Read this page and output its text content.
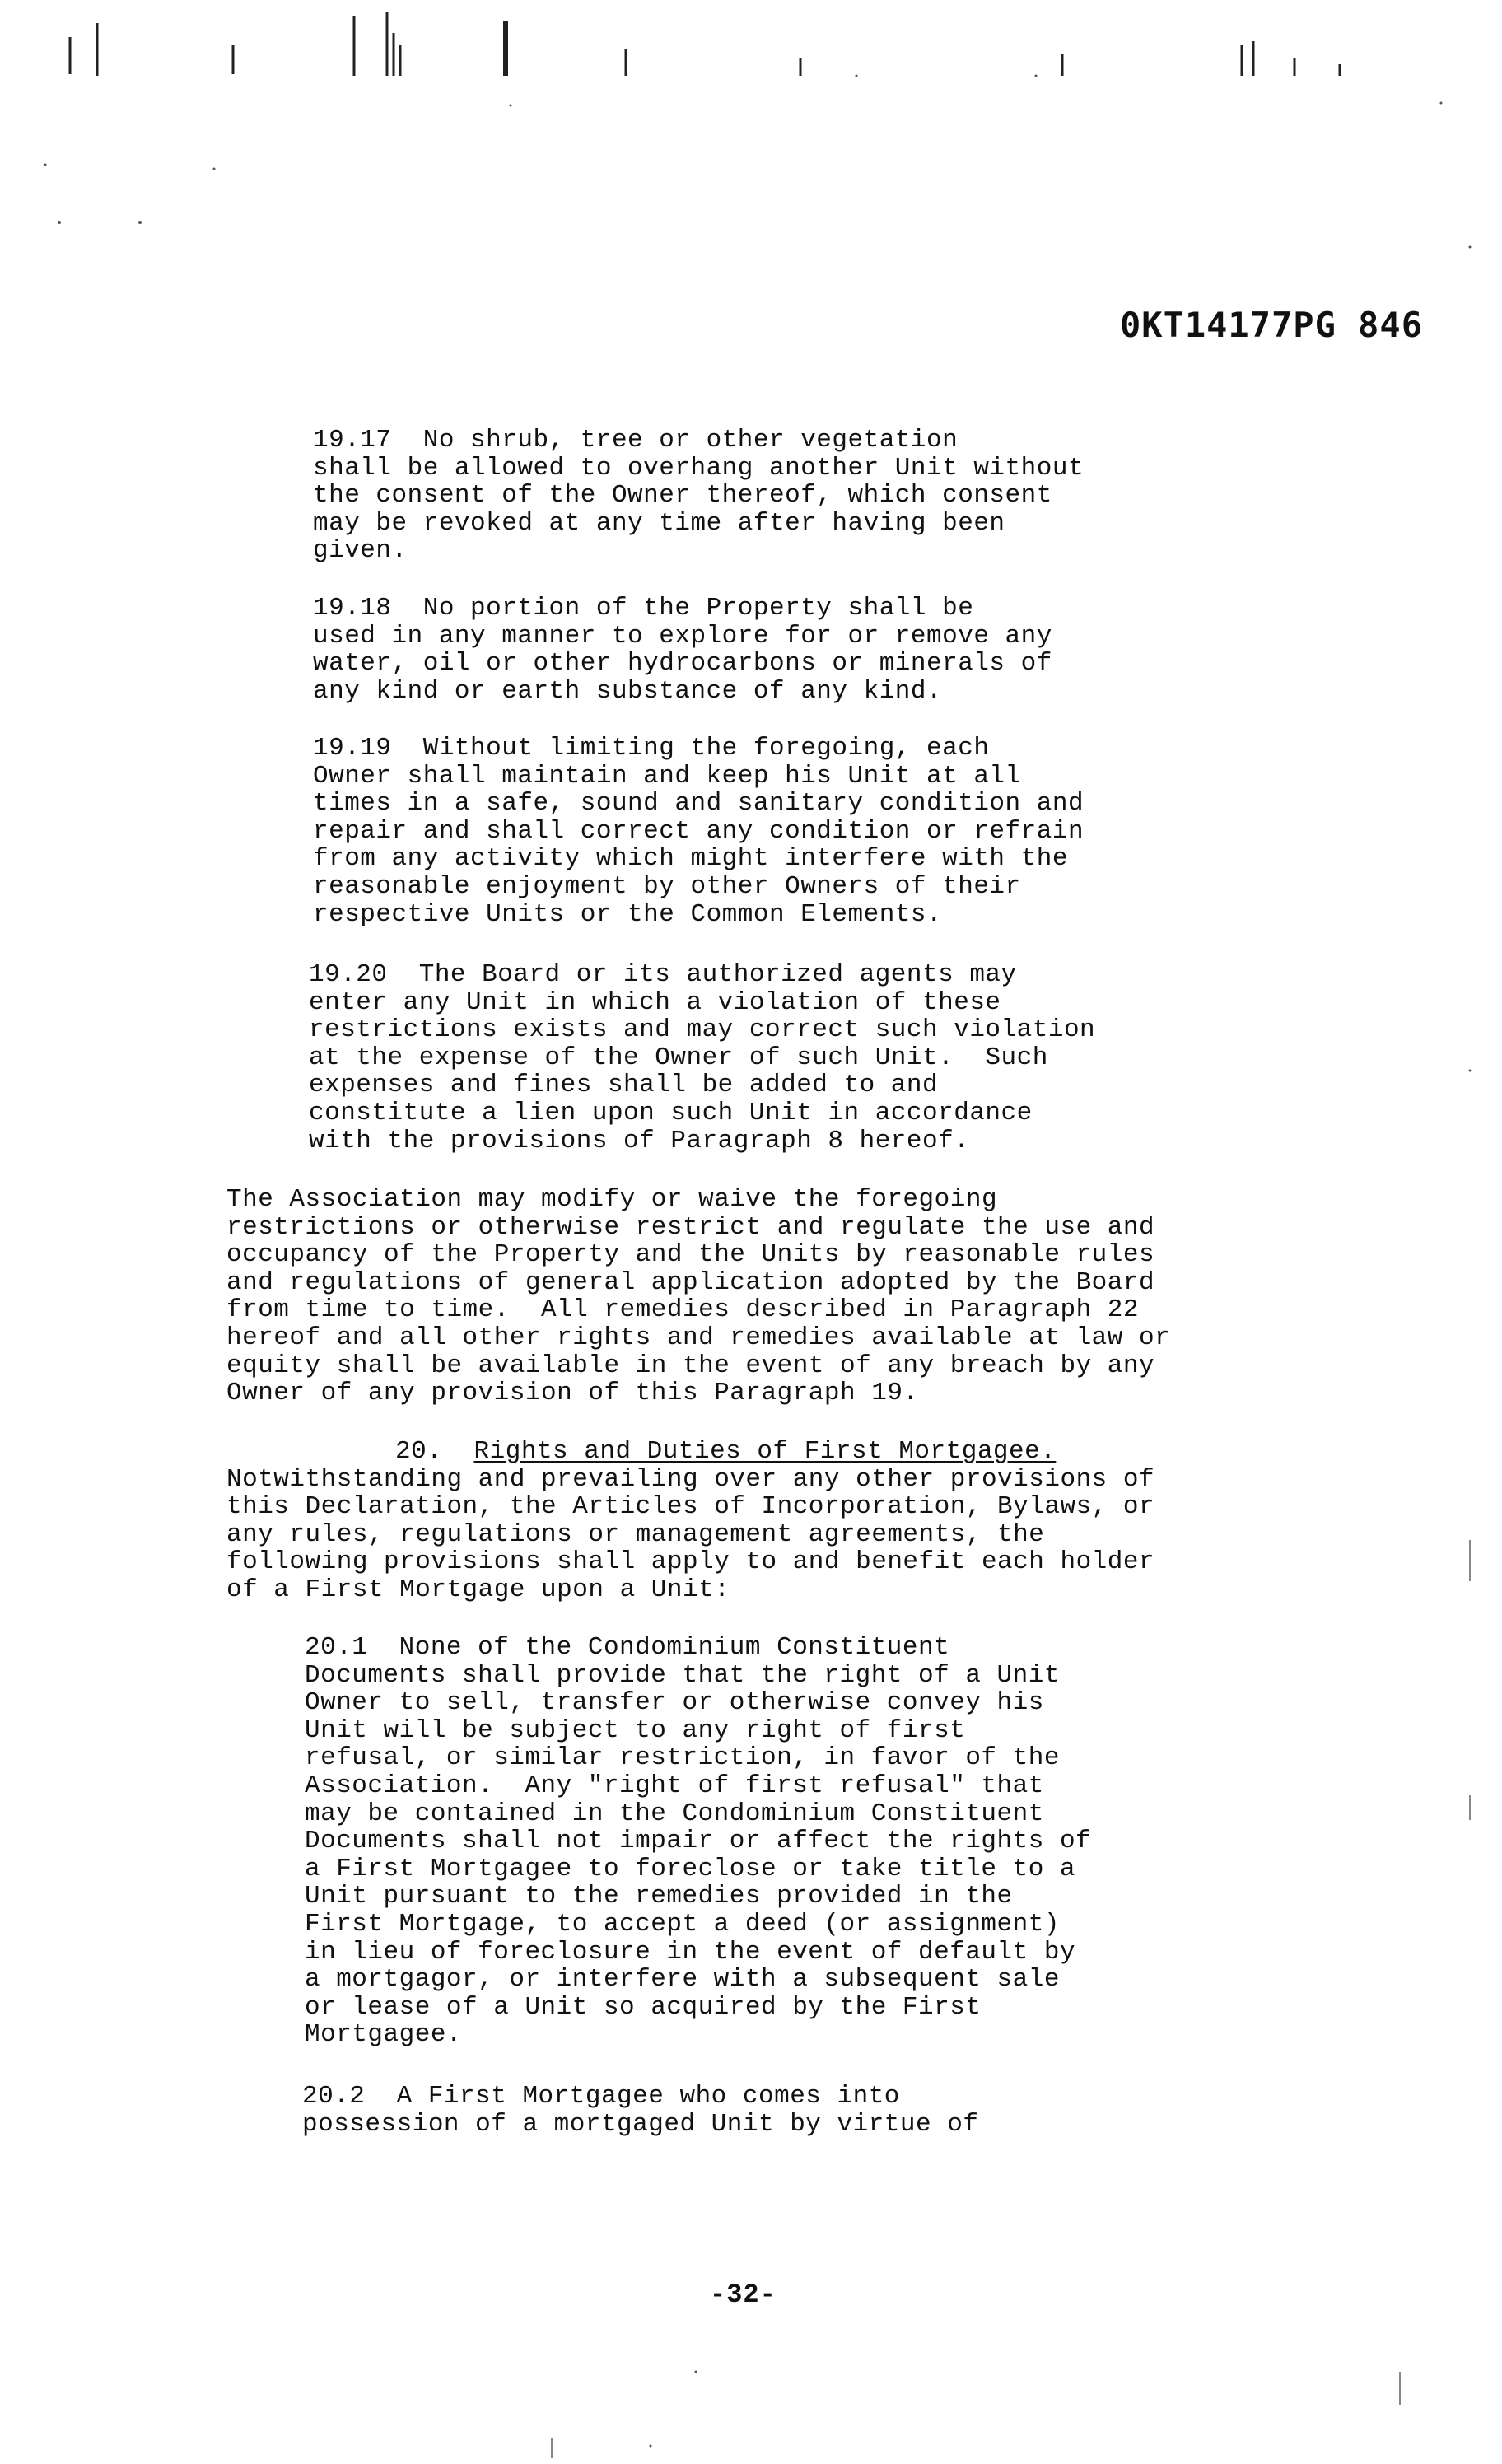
0KT14177PG 846

19.17  No shrub, tree or other vegetation
shall be allowed to overhang another Unit without
the consent of the Owner thereof, which consent
may be revoked at any time after having been
given.

19.18  No portion of the Property shall be
used in any manner to explore for or remove any
water, oil or other hydrocarbons or minerals of
any kind or earth substance of any kind.

19.19  Without limiting the foregoing, each
Owner shall maintain and keep his Unit at all
times in a safe, sound and sanitary condition and
repair and shall correct any condition or refrain
from any activity which might interfere with the
reasonable enjoyment by other Owners of their
respective Units or the Common Elements.

19.20  The Board or its authorized agents may
enter any Unit in which a violation of these
restrictions exists and may correct such violation
at the expense of the Owner of such Unit.  Such
expenses and fines shall be added to and
constitute a lien upon such Unit in accordance
with the provisions of Paragraph 8 hereof.

The Association may modify or waive the foregoing
restrictions or otherwise restrict and regulate the use and
occupancy of the Property and the Units by reasonable rules
and regulations of general application adopted by the Board
from time to time.  All remedies described in Paragraph 22
hereof and all other rights and remedies available at law or
equity shall be available in the event of any breach by any
Owner of any provision of this Paragraph 19.

20. Rights and Duties of First Mortgagee.
Notwithstanding and prevailing over any other provisions of
this Declaration, the Articles of Incorporation, Bylaws, or
any rules, regulations or management agreements, the
following provisions shall apply to and benefit each holder
of a First Mortgage upon a Unit:

20.1  None of the Condominium Constituent
Documents shall provide that the right of a Unit
Owner to sell, transfer or otherwise convey his
Unit will be subject to any right of first
refusal, or similar restriction, in favor of the
Association.  Any "right of first refusal" that
may be contained in the Condominium Constituent
Documents shall not impair or affect the rights of
a First Mortgagee to foreclose or take title to a
Unit pursuant to the remedies provided in the
First Mortgage, to accept a deed (or assignment)
in lieu of foreclosure in the event of default by
a mortgagor, or interfere with a subsequent sale
or lease of a Unit so acquired by the First
Mortgagee.

20.2  A First Mortgagee who comes into
possession of a mortgaged Unit by virtue of

-32-
